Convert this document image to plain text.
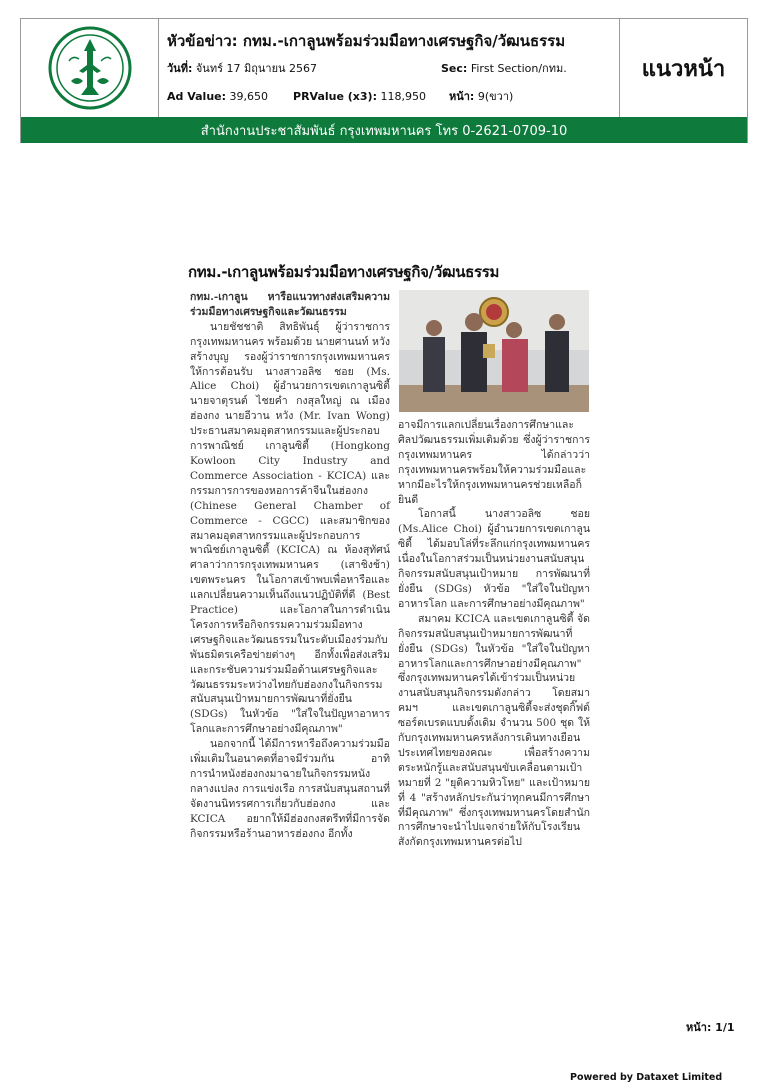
หัวข้อข่าว: กทม.-เกาลูนพร้อมร่วมมือทางเศรษฐกิจ/วัฒนธรรม
วันที่: จันทร์ 17 มิถุนายน 2567	Sec: First Section/กทม.
Ad Value: 39,650 PRValue (x3): 118,950 หน้า: 9(ขวา)
แนวหน้า
สำนักงานประชาสัมพันธ์ กรุงเทพมหานคร โทร 0-2621-0709-10
กทม.-เกาลูนพร้อมร่วมมือทางเศรษฐกิจ/วัฒนธรรม

กทม.-เกาลูน หารือแนวทางส่งเสริมความร่วมมือทางเศรษฐกิจและวัฒนธรรม

นายชัชชาติ สิทธิพันธุ์ ผู้ว่าราชการกรุงเทพมหานคร พร้อมด้วย นายศานนท์ หวังสร้างบุญ รองผู้ว่าราชการกรุงเทพมหานคร ให้การต้อนรับ นางสาวอลิซ ชอย (Ms. Alice Choi) ผู้อำนวยการเขตเกาลูนซิตี้ นายจาตุรนต์ ไชยคำ กงสุลใหญ่ ณ เมืองฮ่องกง นายอีวาน หวัง (Mr. Ivan Wong) ประธานสมาคมอุตสาหกรรมและผู้ประกอบการพาณิชย์ เกาลูนซิตี้ (Hongkong Kowloon City Industry and Commerce Association - KCICA) และกรรมการการของหอการค้าจีนในฮ่องกง (Chinese General Chamber of Commerce - CGCC) และสมาชิกของสมาคมอุตสาหกรรมและผู้ประกอบการพาณิชย์เกาลูนซิตี้ (KCICA) ณ ห้องสุทัศน์ ศาลาว่าการกรุงเทพมหานคร (เสาชิงช้า) เขตพระนคร ในโอกาสเข้าพบเพื่อหารือและแลกเปลี่ยนความเห็นถึงแนวปฏิบัติที่ดี (Best Practice) และโอกาสในการดำเนินโครงการหรือกิจกรรมความร่วมมือทางเศรษฐกิจและวัฒนธรรมในระดับเมืองร่วมกับพันธมิตรเครือข่ายต่างๆ อีกทั้งเพื่อส่งเสริมและกระชับความร่วมมือด้านเศรษฐกิจและวัฒนธรรมระหว่างไทยกับฮ่องกงในกิจกรรมสนับสนุนเป้าหมายการพัฒนาที่ยั่งยืน (SDGs) ในหัวข้อ "ใส่ใจในปัญหาอาหารโลกและการศึกษาอย่างมีคุณภาพ"

นอกจากนี้ ได้มีการหารือถึงความร่วมมือเพิ่มเติมในอนาคตที่อาจมีร่วมกัน อาทิ การนำหนังฮ่องกงมาฉายในกิจกรรมหนังกลางแปลง การแข่งเรือ การสนับสนุนสถานที่จัดงานนิทรรศการเกี่ยวกับฮ่องกง และ KCICA อยากให้มีฮ่องกงสตรีทที่มีการจัดกิจกรรมหรือร้านอาหารฮ่องกง อีกทั้ง

อาจมีการแลกเปลี่ยนเรื่องการศึกษาและศิลปวัฒนธรรมเพิ่มเติมด้วย ซึ่งผู้ว่าราชการกรุงเทพมหานคร ได้กล่าวว่า กรุงเทพมหานครพร้อมให้ความร่วมมือและหากมีอะไรให้กรุงเทพมหานครช่วยเหลือก็ยินดี

โอกาสนี้ นางสาวอลิซ ชอย (Ms.Alice Choi) ผู้อำนวยการเขตเกาลูนซิตี้ ได้มอบโล่ที่ระลึกแก่กรุงเทพมหานคร เนื่องในโอกาสร่วมเป็นหน่วยงานสนับสนุนกิจกรรมสนับสนุนเป้าหมาย การพัฒนาที่ยั่งยืน (SDGs) หัวข้อ "ใส่ใจในปัญหาอาหารโลก และการศึกษาอย่างมีคุณภาพ"

สมาคม KCICA และเขตเกาลูนซิตี้ จัดกิจกรรมสนับสนุนเป้าหมายการพัฒนาที่ยั่งยืน (SDGs) ในหัวข้อ "ใส่ใจในปัญหาอาหารโลกและการศึกษาอย่างมีคุณภาพ" ซึ่งกรุงเทพมหานครได้เข้าร่วมเป็นหน่วยงานสนับสนุนกิจกรรมดังกล่าว โดยสมาคมฯ และเขตเกาลูนซิตี้จะส่งชุดกิ๊ฟต์ซอร์ตเบรดแบบดั้งเดิม จำนวน 500 ชุด ให้กับกรุงเทพมหานครหลังการเดินทางเยือนประเทศไทยของคณะ เพื่อสร้างความตระหนักรู้และสนับสนุนขับเคลื่อนตามเป้าหมายที่ 2 "ยุติความหิวโหย" และเป้าหมายที่ 4 "สร้างหลักประกันว่าทุกคนมีการศึกษาที่มีคุณภาพ" ซึ่งกรุงเทพมหานครโดยสำนักการศึกษาจะนำไปแจกจ่ายให้กับโรงเรียนสังกัดกรุงเทพมหานครต่อไป

หน้า: 1/1
Powered by Dataxet Limited
